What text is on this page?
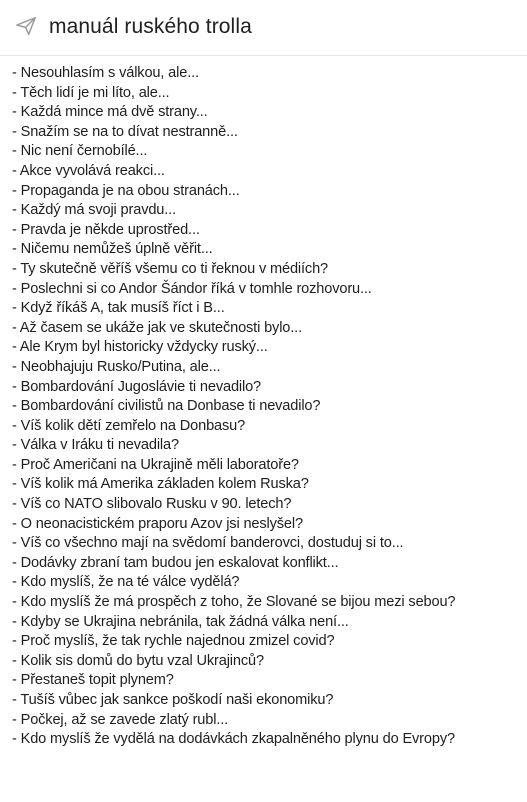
manuál ruského trolla
- Nesouhlasím s válkou, ale...
- Těch lidí je mi líto, ale...
- Každá mince má dvě strany...
- Snažím se na to dívat nestranně...
- Nic není černobílé...
- Akce vyvolává reakci...
- Propaganda je na obou stranách...
- Každý má svoji pravdu...
- Pravda je někde uprostřed...
- Ničemu nemůžeš úplně věřit...
- Ty skutečně věříš všemu co ti řeknou v médiích?
- Poslechni si co Andor Šándor říká v tomhle rozhovoru...
- Když říkáš A, tak musíš říct i B...
- Až časem se ukáže jak ve skutečnosti bylo...
- Ale Krym byl historicky vždycky ruský...
- Neobhajuju Rusko/Putina, ale...
- Bombardování Jugoslávie ti nevadilo?
- Bombardování civilistů na Donbase ti nevadilo?
- Víš kolik dětí zemřelo na Donbasu?
- Válka v Iráku ti nevadila?
- Proč Američani na Ukrajině měli laboratoře?
- Víš kolik má Amerika základen kolem Ruska?
- Víš co NATO slibovalo Rusku v 90. letech?
- O neonacistickém praporu Azov jsi neslyšel?
- Víš co všechno mají na svědomí banderovci, dostuduj si to...
- Dodávky zbraní tam budou jen eskalovat konflikt...
- Kdo myslíš, že na té válce vydělá?
- Kdo myslíš že má prospěch z toho, že Slované se bijou mezi sebou?
- Kdyby se Ukrajina nebránila, tak žádná válka není...
- Proč myslíš, že tak rychle najednou zmizel covid?
- Kolik sis domů do bytu vzal Ukrajinců?
- Přestaneš topit plynem?
- Tušíš vůbec jak sankce poškodí naši ekonomiku?
- Počkej, až se zavede zlatý rubl...
- Kdo myslíš že vydělá na dodávkách zkapalněného plynu do Evropy?
